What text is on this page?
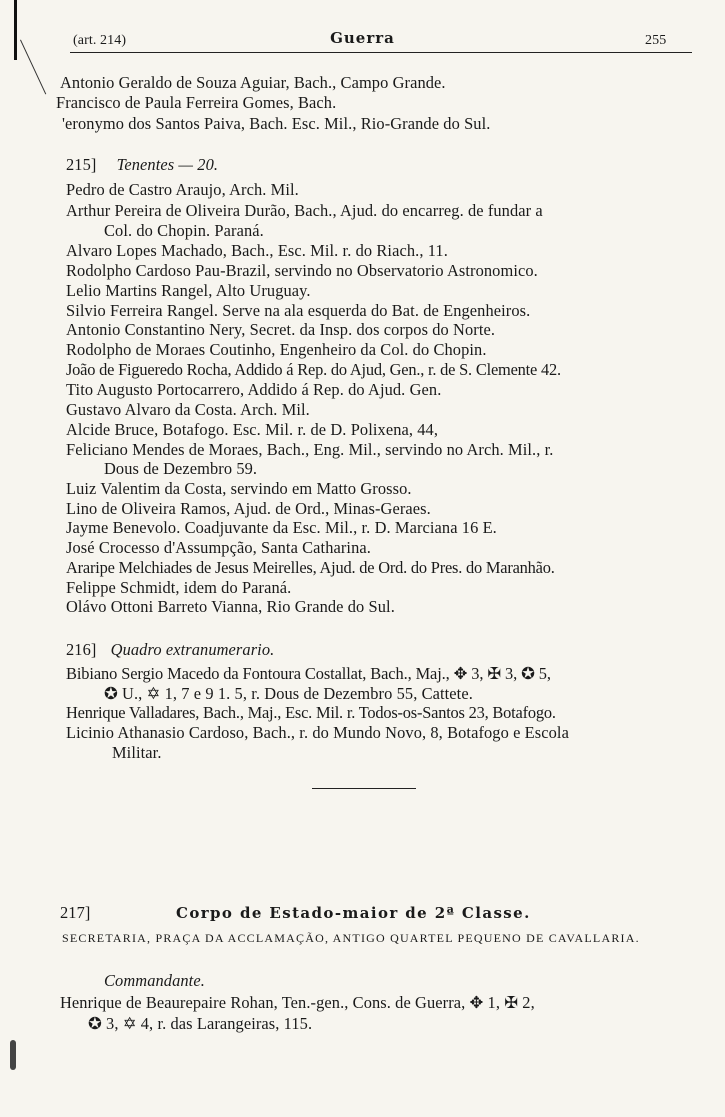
(art. 214)	Guerra	255
Antonio Geraldo de Souza Aguiar, Bach., Campo Grande.
Francisco de Paula Ferreira Gomes, Bach.
'eronymo dos Santos Paiva, Bach. Esc. Mil., Rio-Grande do Sul.
215] Tenentes — 20.
Pedro de Castro Araujo, Arch. Mil.
Arthur Pereira de Oliveira Durão, Bach., Ajud. do encarreg. de fundar a
Col. do Chopin. Paraná.
Alvaro Lopes Machado, Bach., Esc. Mil. r. do Riach., 11.
Rodolpho Cardoso Pau-Brazil, servindo no Observatorio Astronomico.
Lelio Martins Rangel, Alto Uruguay.
Silvio Ferreira Rangel. Serve na ala esquerda do Bat. de Engenheiros.
Antonio Constantino Nery, Secret. da Insp. dos corpos do Norte.
Rodolpho de Moraes Coutinho, Engenheiro da Col. do Chopin.
João de Figueredo Rocha, Addido á Rep. do Ajud, Gen., r. de S. Clemente 42.
Tito Augusto Portocarrero, Addido á Rep. do Ajud. Gen.
Gustavo Alvaro da Costa. Arch. Mil.
Alcide Bruce, Botafogo. Esc. Mil. r. de D. Polixena, 44,
Feliciano Mendes de Moraes, Bach., Eng. Mil., servindo no Arch. Mil., r.
Dous de Dezembro 59.
Luiz Valentim da Costa, servindo em Matto Grosso.
Lino de Oliveira Ramos, Ajud. de Ord., Minas-Geraes.
Jayme Benevolo. Coadjuvante da Esc. Mil., r. D. Marciana 16 E.
José Crocesso d'Assumpção, Santa Catharina.
Araripe Melchiades de Jesus Meirelles, Ajud. de Ord. do Pres. do Maranhão.
Felippe Schmidt, idem do Paraná.
Olávo Ottoni Barreto Vianna, Rio Grande do Sul.
216] Quadro extranumerario.
Bibiano Sergio Macedo da Fontoura Costallat, Bach., Maj., ✥ 3, ✠ 3, ✪ 5,
✪ U., ✡ 1, 7 e 9 1. 5, r. Dous de Dezembro 55, Cattete.
Henrique Valladares, Bach., Maj., Esc. Mil. r. Todos-os-Santos 23, Botafogo.
Licinio Athanasio Cardoso, Bach., r. do Mundo Novo, 8, Botafogo e Escola
Militar.
217]	Corpo de Estado-maior de 2ª Classe.
SECRETARIA, PRAÇA DA ACCLAMAÇÃO, ANTIGO QUARTEL PEQUENO DE CAVALLARIA.
Commandante.
Henrique de Beaurepaire Rohan, Ten.-gen., Cons. de Guerra, ✥ 1, ✠ 2,
✪ 3, ✡ 4, r. das Larangeiras, 115.
